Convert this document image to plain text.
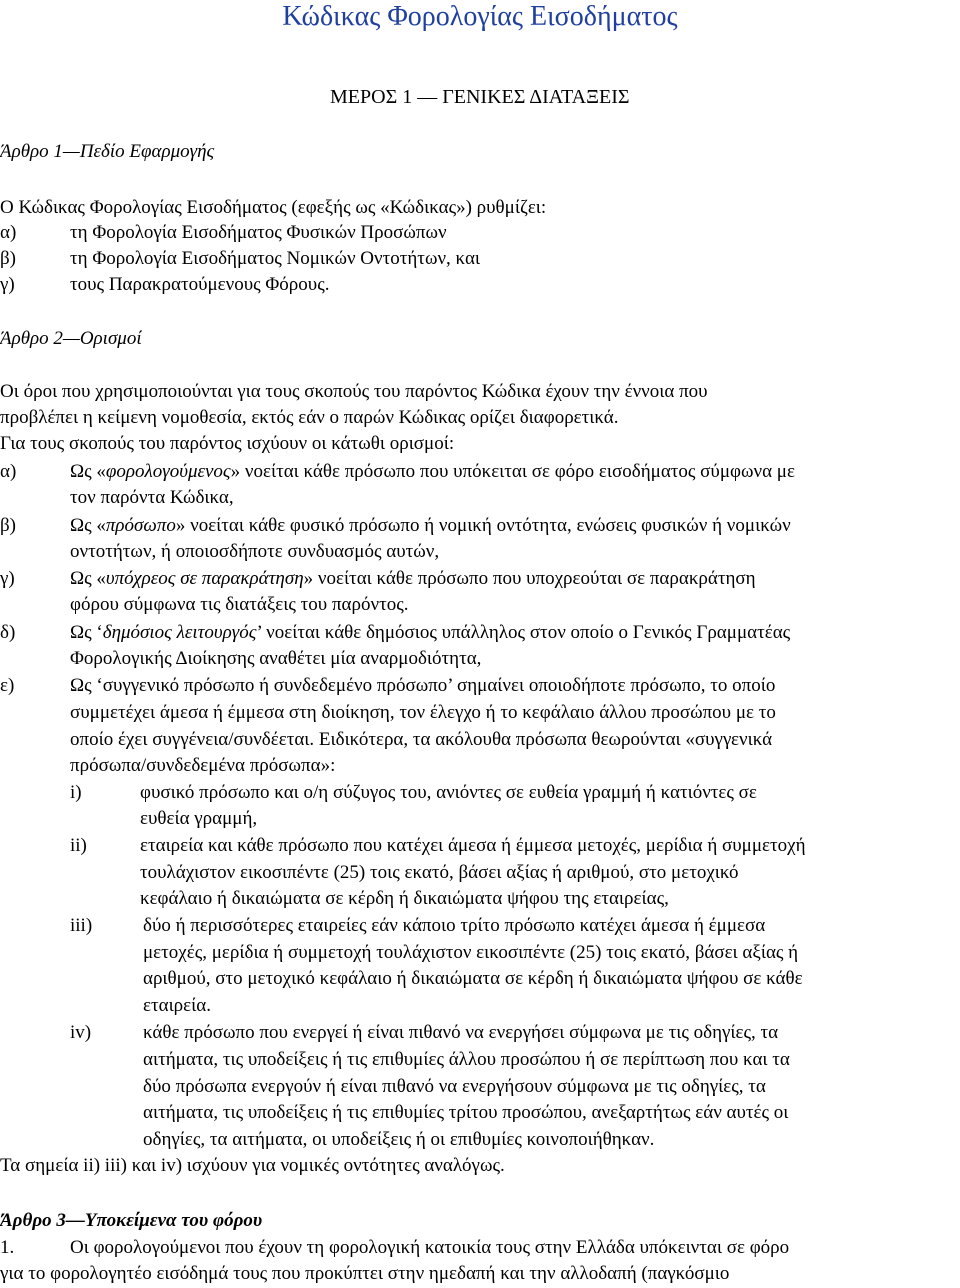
Κώδικας Φορολογίας Εισοδήματος
ΜΕΡΟΣ 1 — ΓΕΝΙΚΕΣ ΔΙΑΤΑΞΕΙΣ
Άρθρο 1—Πεδίο Εφαρμογής
Ο Κώδικας Φορολογίας Εισοδήματος (εφεξής ως «Κώδικας») ρυθμίζει:
α)	τη Φορολογία Εισοδήματος Φυσικών Προσώπων
β)	τη Φορολογία Εισοδήματος Νομικών Οντοτήτων, και
γ)	τους Παρακρατούμενους Φόρους.
Άρθρο 2—Ορισμοί
Οι όροι που χρησιμοποιούνται για τους σκοπούς του παρόντος Κώδικα έχουν την έννοια που
προβλέπει η κείμενη νομοθεσία, εκτός εάν ο παρών Κώδικας ορίζει διαφορετικά.
Για τους σκοπούς του παρόντος ισχύουν οι κάτωθι ορισμοί:
α)	Ως «φορολογούμενος» νοείται κάθε πρόσωπο που υπόκειται σε φόρο εισοδήματος σύμφωνα με
τον παρόντα Κώδικα,
β)	Ως «πρόσωπο» νοείται κάθε φυσικό πρόσωπο ή νομική οντότητα, ενώσεις φυσικών ή νομικών
οντοτήτων, ή οποιοσδήποτε συνδυασμός αυτών,
γ)	Ως «υπόχρεος σε παρακράτηση» νοείται κάθε πρόσωπο που υποχρεούται σε παρακράτηση
φόρου σύμφωνα τις διατάξεις του παρόντος.
δ)	Ως ‘δημόσιος λειτουργός’ νοείται κάθε δημόσιος υπάλληλος στον οποίο ο Γενικός Γραμματέας
Φορολογικής Διοίκησης αναθέτει μία αναρμοδιότητα,
ε)	Ως ‘συγγενικό πρόσωπο ή συνδεδεμένο πρόσωπο’ σημαίνει οποιοδήποτε πρόσωπο, το οποίο
συμμετέχει άμεσα ή έμμεσα στη διοίκηση, τον έλεγχο ή το κεφάλαιο άλλου προσώπου με το
οποίο έχει συγγένεια/συνδέεται. Ειδικότερα, τα ακόλουθα πρόσωπα θεωρούνται «συγγενικά
πρόσωπα/συνδεδεμένα πρόσωπα»:
i)	φυσικό πρόσωπο και ο/η σύζυγος του, ανιόντες σε ευθεία γραμμή ή κατιόντες σε
ευθεία γραμμή,
ii)	εταιρεία και κάθε πρόσωπο που κατέχει άμεσα ή έμμεσα μετοχές, μερίδια ή συμμετοχή
τουλάχιστον εικοσιπέντε (25) τοις εκατό, βάσει αξίας ή αριθμού, στο μετοχικό
κεφάλαιο ή δικαιώματα σε κέρδη ή δικαιώματα ψήφου της εταιρείας,
iii)	δύο ή περισσότερες εταιρείες εάν κάποιο τρίτο πρόσωπο κατέχει άμεσα ή έμμεσα
μετοχές, μερίδια ή συμμετοχή τουλάχιστον εικοσιπέντε (25) τοις εκατό, βάσει αξίας ή
αριθμού, στο μετοχικό κεφάλαιο ή δικαιώματα σε κέρδη ή δικαιώματα ψήφου σε κάθε
εταιρεία.
iv)	κάθε πρόσωπο που ενεργεί ή είναι πιθανό να ενεργήσει σύμφωνα με τις οδηγίες, τα
αιτήματα, τις υποδείξεις ή τις επιθυμίες άλλου προσώπου ή σε περίπτωση που και τα
δύο πρόσωπα ενεργούν ή είναι πιθανό να ενεργήσουν σύμφωνα με τις οδηγίες, τα
αιτήματα, τις υποδείξεις ή τις επιθυμίες τρίτου προσώπου, ανεξαρτήτως εάν αυτές οι
οδηγίες, τα αιτήματα, οι υποδείξεις ή οι επιθυμίες κοινοποιήθηκαν.
Τα σημεία ii) iii) και iv) ισχύουν για νομικές οντότητες αναλόγως.
Άρθρο 3—Υποκείμενα του φόρου
1.	Οι φορολογούμενοι που έχουν τη φορολογική κατοικία τους στην Ελλάδα υπόκεινται σε φόρο
για το φορολογητέο εισόδημά τους που προκύπτει στην ημεδαπή και την αλλοδαπή (παγκόσμιο
